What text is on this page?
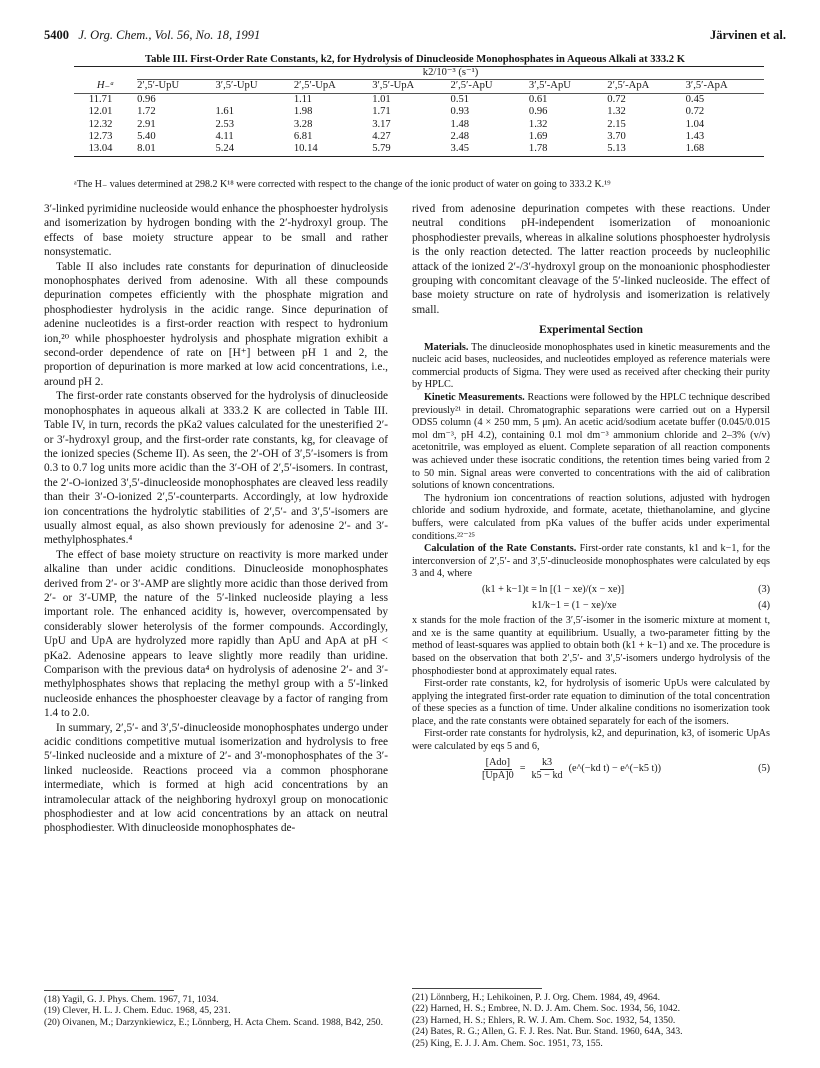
5400 J. Org. Chem., Vol. 56, No. 18, 1991	Järvinen et al.
Table III. First-Order Rate Constants, k2, for Hydrolysis of Dinucleoside Monophosphates in Aqueous Alkali at 333.2 K
	k2/10⁻³ (s⁻¹)							
H₋ᵃ	2′,5′-UpU	3′,5′-UpU	2′,5′-UpA	3′,5′-UpA	2′,5′-ApU	3′,5′-ApU	2′,5′-ApA	3′,5′-ApA
11.71	0.96		1.11	1.01	0.51	0.61	0.72	0.45
12.01	1.72	1.61	1.98	1.71	0.93	0.96	1.32	0.72
12.32	2.91	2.53	3.28	3.17	1.48	1.32	2.15	1.04
12.73	5.40	4.11	6.81	4.27	2.48	1.69	3.70	1.43
13.04	8.01	5.24	10.14	5.79	3.45	1.78	5.13	1.68
ᵃThe H₋ values determined at 298.2 K¹⁸ were corrected with respect to the change of the ionic product of water on going to 333.2 K.¹⁹

3′-linked pyrimidine nucleoside would enhance the phosphoester hydrolysis and isomerization by hydrogen bonding with the 2′-hydroxyl group. The effects of base moiety structure appear to be small and rather nonsystematic.

Table II also includes rate constants for depurination of dinucleoside monophosphates derived from adenosine. With all these compounds depurination competes efficiently with the phosphate migration and phosphodiester hydrolysis in the acidic range. Since depurination of adenine nucleotides is a first-order reaction with respect to hydronium ion,²⁰ while phosphoester hydrolysis and phosphate migration exhibit a second-order dependence of rate on [H⁺] between pH 1 and 2, the proportion of depurination is more marked at low acid concentrations, i.e., around pH 2.

The first-order rate constants observed for the hydrolysis of dinucleoside monophosphates in aqueous alkali at 333.2 K are collected in Table III. Table IV, in turn, records the pKa2 values calculated for the unesterified 2′- or 3′-hydroxyl group, and the first-order rate constants, kg, for cleavage of the ionized species (Scheme II). As seen, the 2′-OH of 3′,5′-isomers is from 0.3 to 0.7 log units more acidic than the 3′-OH of 2′,5′-isomers. In contrast, the 2′-O-ionized 3′,5′-dinucleoside monophosphates are cleaved less readily than their 3′-O-ionized 2′,5′-counterparts. Accordingly, at low hydroxide ion concentrations the hydrolytic stabilities of 2′,5′- and 3′,5′-isomers are usually almost equal, as also shown previously for adenosine 2′- and 3′-methylphosphates.⁴

The effect of base moiety structure on reactivity is more marked under alkaline than under acidic conditions. Dinucleoside monophosphates derived from 2′- or 3′-AMP are slightly more acidic than those derived from 2′- or 3′-UMP, the nature of the 5′-linked nucleoside playing a less important role. The enhanced acidity is, however, overcompensated by considerably slower heterolysis of the former compounds. Accordingly, UpU and UpA are hydrolyzed more rapidly than ApU and ApA at pH < pKa2. Adenosine appears to leave slightly more readily than uridine. Comparison with the previous data⁴ on hydrolysis of adenosine 2′- and 3′-methylphosphates shows that replacing the methyl group with a 5′-linked nucleoside enhances the phosphoester cleavage by a factor of ranging from 1.4 to 2.0.

In summary, 2′,5′- and 3′,5′-dinucleoside monophosphates undergo under acidic conditions competitive mutual isomerization and hydrolysis to free 5′-linked nucleoside and a mixture of 2′- and 3′-monophosphates of the 3′-linked nucleoside. Reactions proceed via a common phosphorane intermediate, which is formed at high acid concentrations by an intramolecular attack of the neighboring hydroxyl group on monocationic phosphodiester and at low acid concentrations by an attack on neutral phosphodiester. With dinucleoside monophosphates de-

(18) Yagil, G. J. Phys. Chem. 1967, 71, 1034.

(19) Clever, H. L. J. Chem. Educ. 1968, 45, 231.

(20) Oivanen, M.; Darzynkiewicz, E.; Lönnberg, H. Acta Chem. Scand. 1988, B42, 250.

rived from adenosine depurination competes with these reactions. Under neutral conditions pH-independent isomerization of monoanionic phosphodiester prevails, whereas in alkaline solutions phosphoester hydrolysis is the only reaction detected. The latter reaction proceeds by nucleophilic attack of the ionized 2′-/3′-hydroxyl group on the monoanionic phosphodiester grouping with concomitant cleavage of the 5′-linked nucleoside. The effect of base moiety structure on rate of hydrolysis and isomerization is relatively small.

Experimental Section

Materials. The dinucleoside monophosphates used in kinetic measurements and the nucleic acid bases, nucleosides, and nucleotides employed as reference materials were commercial products of Sigma. They were used as received after checking their purity by HPLC.

Kinetic Measurements. Reactions were followed by the HPLC technique described previously²¹ in detail. Chromatographic separations were carried out on a Hypersil ODS5 column (4 × 250 mm, 5 μm). An acetic acid/sodium acetate buffer (0.045/0.015 mol dm⁻³, pH 4.2), containing 0.1 mol dm⁻³ ammonium chloride and 2–3% (v/v) acetonitrile, was employed as eluent. Complete separation of all reaction components was achieved under these isocratic conditions, the retention times being varied from 2 to 50 min. Signal areas were converted to concentrations with the aid of calibration solutions of known concentrations.

The hydronium ion concentrations of reaction solutions, adjusted with hydrogen chloride and sodium hydroxide, and formate, acetate, thiethanolamine, and glycine buffers, were calculated from pKa values of the buffer acids under experimental conditions.²²⁻²⁵

Calculation of the Rate Constants. First-order rate constants, k1 and k−1, for the interconversion of 2′,5′- and 3′,5′-dinucleoside monophosphates were calculated by eqs 3 and 4, where

(k1 + k−1)t = ln [(1 − xe)/(x − xe)]	(3)
k1/k−1 = (1 − xe)/xe	(4)

x stands for the mole fraction of the 3′,5′-isomer in the isomeric mixture at moment t, and xe is the same quantity at equilibrium. Usually, a two-parameter fitting by the method of least-squares was applied to obtain both (k1 + k−1) and xe. The procedure is based on the observation that both 2′,5′- and 3′,5′-isomers undergo hydrolysis of the phosphodiester bond at approximately equal rates.

First-order rate constants, k2, for hydrolysis of isomeric UpUs were calculated by applying the integrated first-order rate equation to diminution of the total concentration of these species as a function of time. Under alkaline conditions no isomerization took place, and the rate constants were obtained separately for each of the isomers.

First-order rate constants for hydrolysis, k2, and depurination, k3, of isomeric UpAs were calculated by eqs 5 and 6,

[Ado]
[UpA]0
= $\frac{k3}{k5 - kd}$ (e^(−kd t) − e^(−k5 t))	(5)

(21) Lönnberg, H.; Lehikoinen, P. J. Org. Chem. 1984, 49, 4964.

(22) Harned, H. S.; Embree, N. D. J. Am. Chem. Soc. 1934, 56, 1042.

(23) Harned, H. S.; Ehlers, R. W. J. Am. Chem. Soc. 1932, 54, 1350.

(24) Bates, R. G.; Allen, G. F. J. Res. Nat. Bur. Stand. 1960, 64A, 343.

(25) King, E. J. J. Am. Chem. Soc. 1951, 73, 155.
